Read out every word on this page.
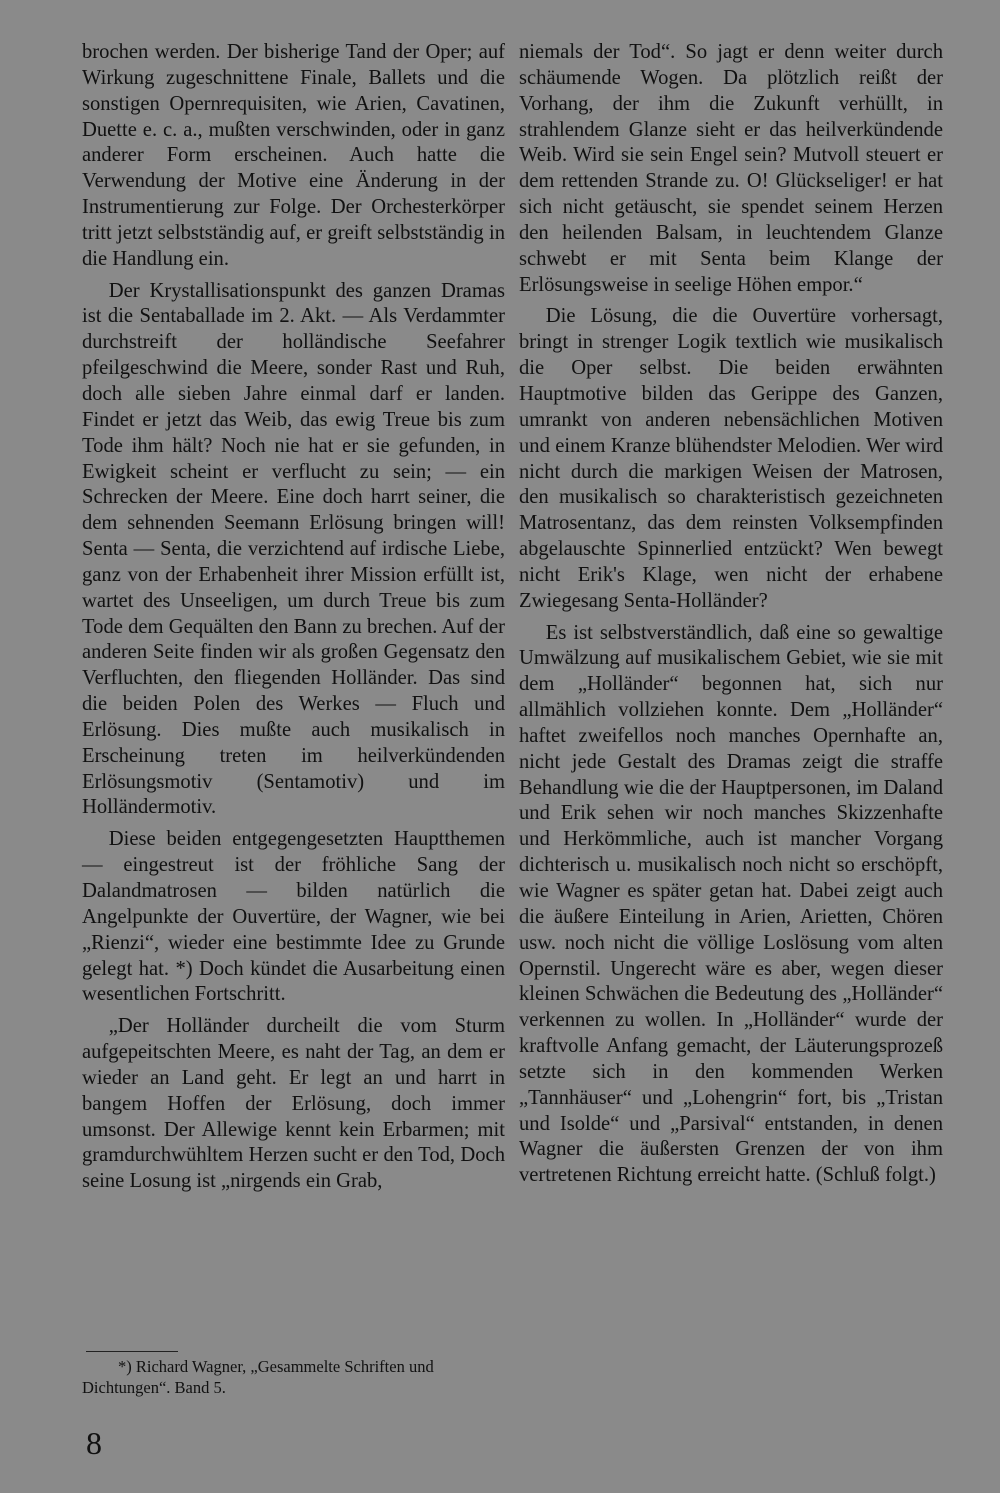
brochen werden. Der bisherige Tand der Oper; auf Wirkung zugeschnittene Finale, Ballets und die sonstigen Opernrequisiten, wie Arien, Cavatinen, Duette e. c. a., mußten verschwinden, oder in ganz anderer Form erscheinen. Auch hatte die Verwendung der Motive eine Änderung in der Instrumentierung zur Folge. Der Orchesterkörper tritt jetzt selbstständig auf, er greift selbstständig in die Handlung ein.

Der Krystallisationspunkt des ganzen Dramas ist die Sentaballade im 2. Akt. — Als Verdammter durchstreift der holländische Seefahrer pfeilgeschwind die Meere, sonder Rast und Ruh, doch alle sieben Jahre einmal darf er landen. Findet er jetzt das Weib, das ewig Treue bis zum Tode ihm hält? Noch nie hat er sie gefunden, in Ewigkeit scheint er verflucht zu sein; — ein Schrecken der Meere. Eine doch harrt seiner, die dem sehnenden Seemann Erlösung bringen will! Senta — Senta, die verzichtend auf irdische Liebe, ganz von der Erhabenheit ihrer Mission erfüllt ist, wartet des Unseeligen, um durch Treue bis zum Tode dem Gequälten den Bann zu brechen. Auf der anderen Seite finden wir als großen Gegensatz den Verfluchten, den fliegenden Holländer. Das sind die beiden Polen des Werkes — Fluch und Erlösung. Dies mußte auch musikalisch in Erscheinung treten im heilverkündenden Erlösungsmotiv (Sentamotiv) und im Holländermotiv.

Diese beiden entgegengesetzten Hauptthemen — eingestreut ist der fröhliche Sang der Dalandmatrosen — bilden natürlich die Angelpunkte der Ouvertüre, der Wagner, wie bei „Rienzi“, wieder eine bestimmte Idee zu Grunde gelegt hat. *) Doch kündet die Ausarbeitung einen wesentlichen Fortschritt.

„Der Holländer durcheilt die vom Sturm aufgepeitschten Meere, es naht der Tag, an dem er wieder an Land geht. Er legt an und harrt in bangem Hoffen der Erlösung, doch immer umsonst. Der Allewige kennt kein Erbarmen; mit gramdurchwühltem Herzen sucht er den Tod, Doch seine Losung ist „nirgends ein Grab,

niemals der Tod“. So jagt er denn weiter durch schäumende Wogen. Da plötzlich reißt der Vorhang, der ihm die Zukunft verhüllt, in strahlendem Glanze sieht er das heilverkündende Weib. Wird sie sein Engel sein? Mutvoll steuert er dem rettenden Strande zu. O! Glückseliger! er hat sich nicht getäuscht, sie spendet seinem Herzen den heilenden Balsam, in leuchtendem Glanze schwebt er mit Senta beim Klange der Erlösungsweise in seelige Höhen empor.“

Die Lösung, die die Ouvertüre vorhersagt, bringt in strenger Logik textlich wie musikalisch die Oper selbst. Die beiden erwähnten Hauptmotive bilden das Gerippe des Ganzen, umrankt von anderen nebensächlichen Motiven und einem Kranze blühendster Melodien. Wer wird nicht durch die markigen Weisen der Matrosen, den musikalisch so charakteristisch gezeichneten Matrosentanz, das dem reinsten Volksempfinden abgelauschte Spinnerlied entzückt? Wen bewegt nicht Erik's Klage, wen nicht der erhabene Zwiegesang Senta-Holländer?

Es ist selbstverständlich, daß eine so gewaltige Umwälzung auf musikalischem Gebiet, wie sie mit dem „Holländer“ begonnen hat, sich nur allmählich vollziehen konnte. Dem „Holländer“ haftet zweifellos noch manches Opernhafte an, nicht jede Gestalt des Dramas zeigt die straffe Behandlung wie die der Hauptpersonen, im Daland und Erik sehen wir noch manches Skizzenhafte und Herkömmliche, auch ist mancher Vorgang dichterisch u. musikalisch noch nicht so erschöpft, wie Wagner es später getan hat. Dabei zeigt auch die äußere Einteilung in Arien, Arietten, Chören usw. noch nicht die völlige Loslösung vom alten Opernstil. Ungerecht wäre es aber, wegen dieser kleinen Schwächen die Bedeutung des „Holländer“ verkennen zu wollen. In „Holländer“ wurde der kraftvolle Anfang gemacht, der Läuterungsprozeß setzte sich in den kommenden Werken „Tannhäuser“ und „Lohengrin“ fort, bis „Tristan und Isolde“ und „Parsival“ entstanden, in denen Wagner die äußersten Grenzen der von ihm vertretenen Richtung erreicht hatte. (Schluß folgt.)

*) Richard Wagner, „Gesammelte Schriften und Dichtungen“. Band 5.

8
